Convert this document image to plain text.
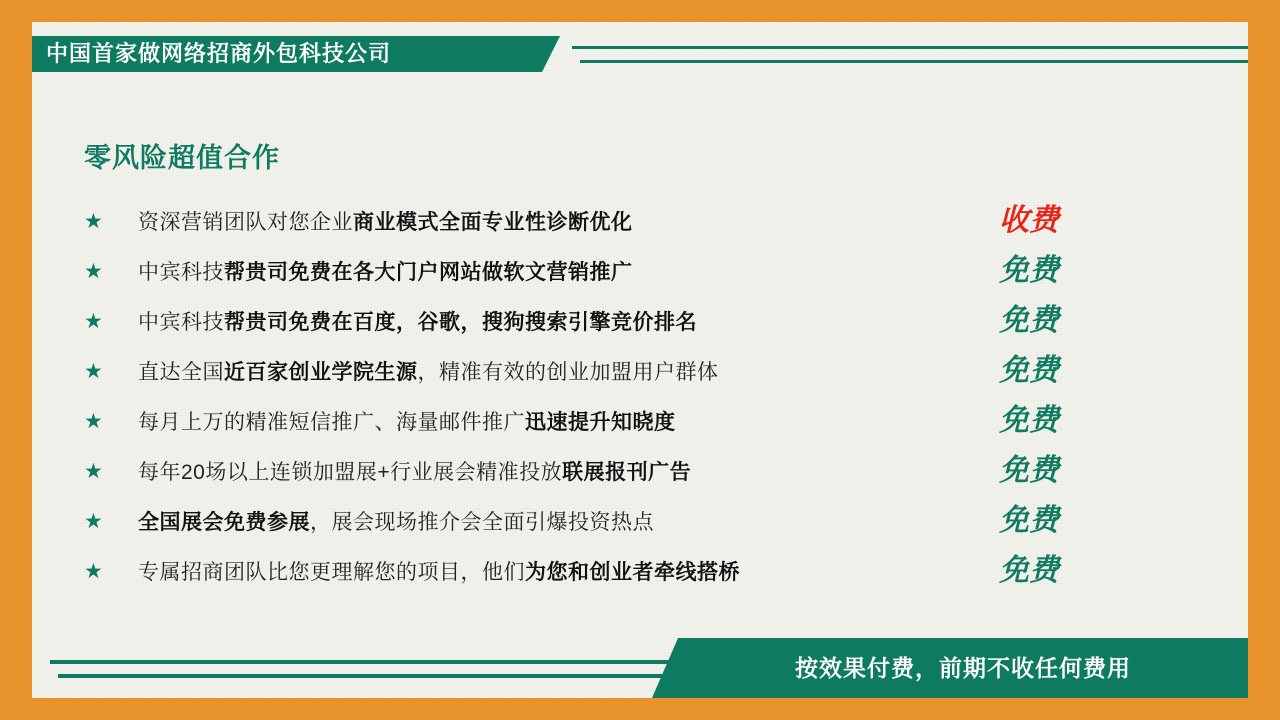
中国首家做网络招商外包科技公司
零风险超值合作
★	资深营销团队对您企业商业模式全面专业性诊断优化	收费
★	中宾科技帮贵司免费在各大门户网站做软文营销推广	免费
★	中宾科技帮贵司免费在百度，谷歌，搜狗搜索引擎竞价排名	免费
★	直达全国近百家创业学院生源，精准有效的创业加盟用户群体	免费
★	每月上万的精准短信推广、海量邮件推广迅速提升知晓度	免费
★	每年20场以上连锁加盟展+行业展会精准投放联展报刊广告	免费
★	全国展会免费参展，展会现场推介会全面引爆投资热点	免费
★	专属招商团队比您更理解您的项目，他们为您和创业者牵线搭桥	免费
按效果付费，前期不收任何费用
